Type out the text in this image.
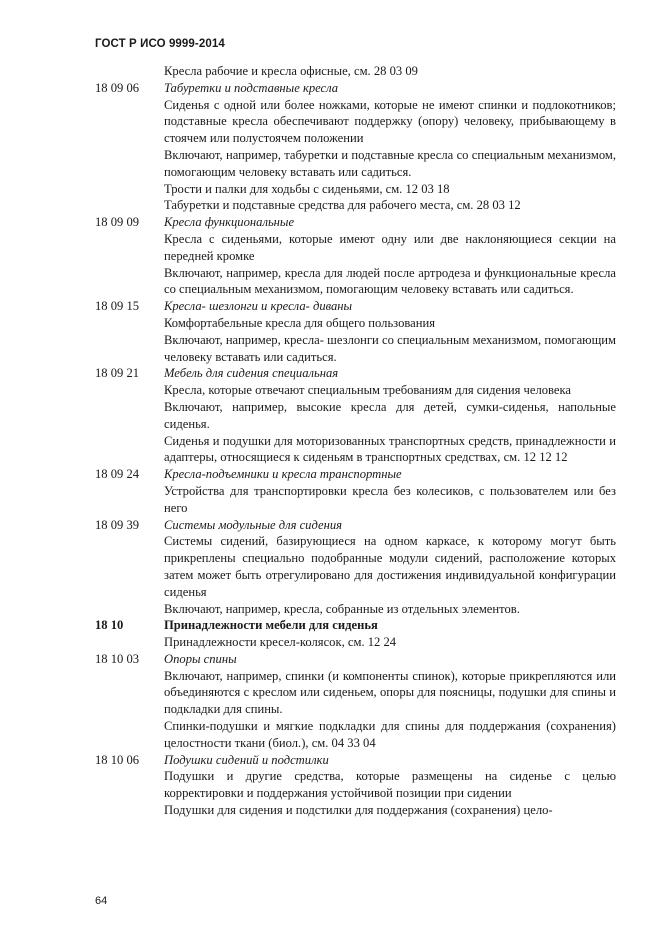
ГОСТ Р ИСО 9999-2014

Кресла рабочие и кресла офисные, см. 28 03 09

18 09 06	Табуретки и подставные кресла

Сиденья с одной или более ножками, которые не имеют спинки и подлокотников; подставные кресла обеспечивают поддержку (опору) человеку, прибывающему в стоячем или полустоячем положении

Включают, например, табуретки и подставные кресла со специальным механизмом, помогающим человеку вставать или садиться.

Трости и палки для ходьбы с сиденьями, см. 12 03 18

Табуретки и подставные средства для рабочего места, см. 28 03 12

18 09 09	Кресла функциональные

Кресла с сиденьями, которые имеют одну или две наклоняющиеся секции на передней кромке

Включают, например, кресла для людей после артродеза и функциональные кресла со специальным механизмом, помогающим человеку вставать или садиться.

18 09 15	Кресла- шезлонги и кресла- диваны

Комфортабельные кресла для общего пользования

Включают, например, кресла- шезлонги со специальным механизмом, помогающим человеку вставать или садиться.

18 09 21	Мебель для сидения специальная

Кресла, которые отвечают специальным требованиям для сидения человека

Включают, например, высокие кресла для детей, сумки-сиденья, напольные сиденья.

Сиденья и подушки для моторизованных транспортных средств, принадлежности и адаптеры, относящиеся к сиденьям в транспортных средствах, см. 12 12 12

18 09 24	Кресла-подъемники и кресла транспортные

Устройства для транспортировки кресла без колесиков, с пользователем или без него

18 09 39	Системы модульные для сидения

Системы сидений, базирующиеся на одном каркасе, к которому могут быть прикреплены специально подобранные модули сидений, расположение которых затем может быть отрегулировано для достижения индивидуальной конфигурации сиденья

Включают, например, кресла, собранные из отдельных элементов.

18 10	Принадлежности мебели для сиденья

Принадлежности кресел-колясок, см. 12 24

18 10 03	Опоры спины

Включают, например, спинки (и компоненты спинок), которые прикрепляются или объединяются с креслом или сиденьем, опоры для поясницы, подушки для спины и подкладки для спины.

Спинки-подушки и мягкие подкладки для спины для поддержания (сохранения) целостности ткани (биол.), см. 04 33 04

18 10 06	Подушки сидений и подстилки

Подушки и другие средства, которые размещены на сиденье с целью корректировки и поддержания устойчивой позиции при сидении

Подушки для сидения и подстилки для поддержания (сохранения) цело-

64
